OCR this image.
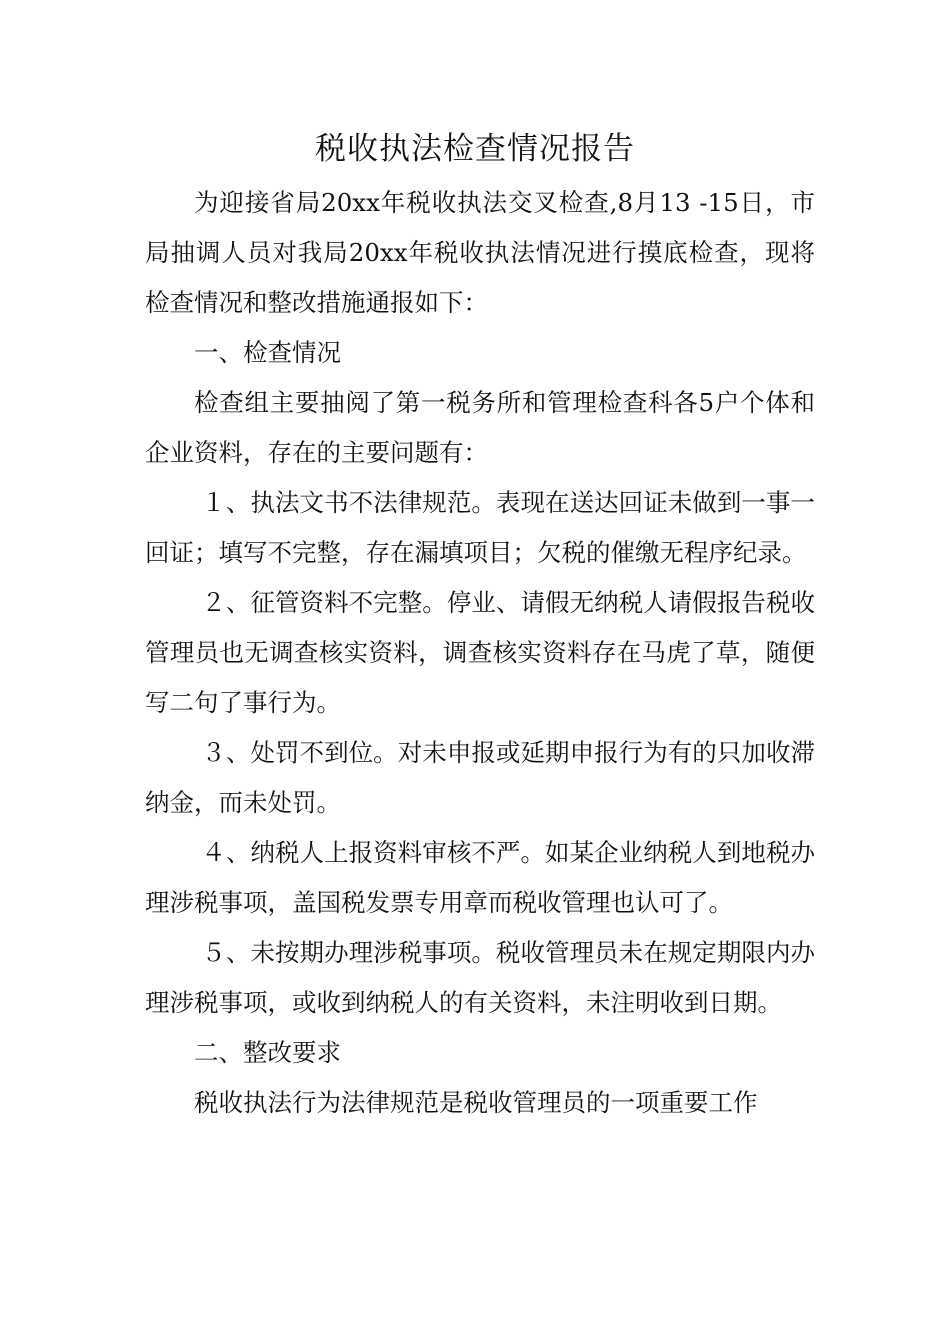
税收执法检查情况报告

为迎接省局20xx年税收执法交叉检查,8月13 -15日，市局抽调人员对我局20xx年税收执法情况进行摸底检查，现将检查情况和整改措施通报如下：

一、检查情况

检查组主要抽阅了第一税务所和管理检查科各5户个体和企业资料，存在的主要问题有：

１、执法文书不法律规范。表现在送达回证未做到一事一回证；填写不完整，存在漏填项目；欠税的催缴无程序纪录。

２、征管资料不完整。停业、请假无纳税人请假报告税收管理员也无调查核实资料，调查核实资料存在马虎了草，随便写二句了事行为。

３、处罚不到位。对未申报或延期申报行为有的只加收滞纳金，而未处罚。

４、纳税人上报资料审核不严。如某企业纳税人到地税办理涉税事项，盖国税发票专用章而税收管理也认可了。

５、未按期办理涉税事项。税收管理员未在规定期限内办理涉税事项，或收到纳税人的有关资料，未注明收到日期。

二、整改要求

税收执法行为法律规范是税收管理员的一项重要工作
